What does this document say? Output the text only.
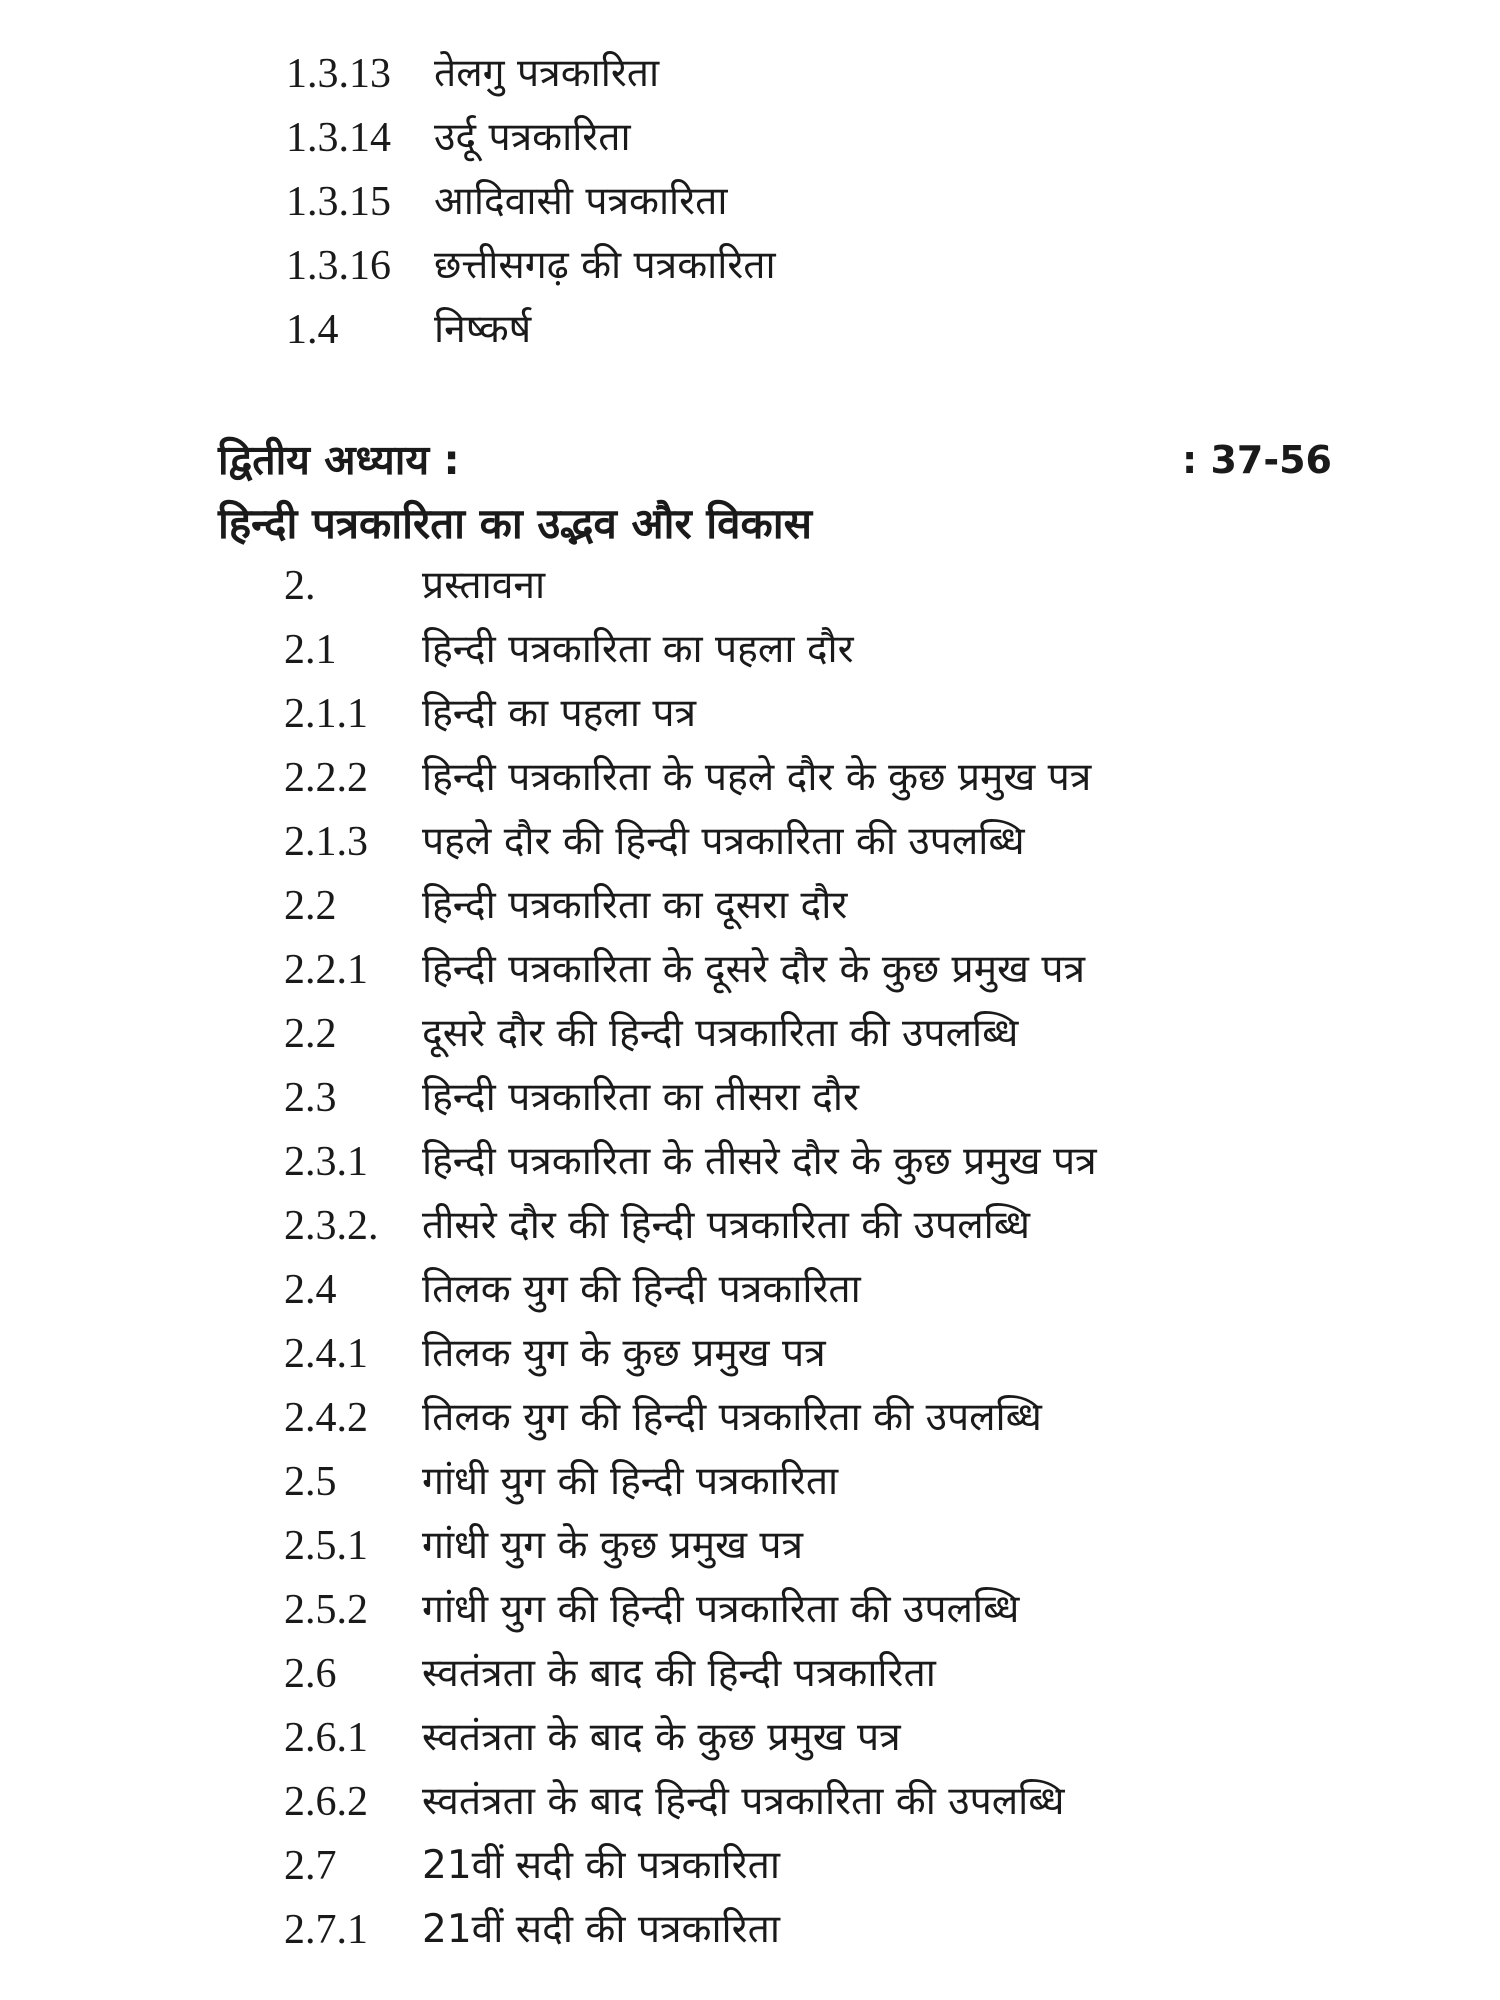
1.3.13 तेलगु पत्रकारिता
1.3.14 उर्दू पत्रकारिता
1.3.15 आदिवासी पत्रकारिता
1.3.16 छत्तीसगढ़ की पत्रकारिता
1.4 निष्कर्ष
द्वितीय अध्याय :	: 37-56
हिन्दी पत्रकारिता का उद्भव और विकास
2.	प्रस्तावना
2.1 हिन्दी पत्रकारिता का पहला दौर
2.1.1 हिन्दी का पहला पत्र
2.2.2 हिन्दी पत्रकारिता के पहले दौर के कुछ प्रमुख पत्र
2.1.3 पहले दौर की हिन्दी पत्रकारिता की उपलब्धि
2.2 हिन्दी पत्रकारिता का दूसरा दौर
2.2.1 हिन्दी पत्रकारिता के दूसरे दौर के कुछ प्रमुख पत्र
2.2 दूसरे दौर की हिन्दी पत्रकारिता की उपलब्धि
2.3 हिन्दी पत्रकारिता का तीसरा दौर
2.3.1 हिन्दी पत्रकारिता के तीसरे दौर के कुछ प्रमुख पत्र
2.3.2. तीसरे दौर की हिन्दी पत्रकारिता की उपलब्धि
2.4 तिलक युग की हिन्दी पत्रकारिता
2.4.1 तिलक युग के कुछ प्रमुख पत्र
2.4.2 तिलक युग की हिन्दी पत्रकारिता की उपलब्धि
2.5 गांधी युग की हिन्दी पत्रकारिता
2.5.1 गांधी युग के कुछ प्रमुख पत्र
2.5.2 गांधी युग की हिन्दी पत्रकारिता की उपलब्धि
2.6 स्वतंत्रता के बाद की हिन्दी पत्रकारिता
2.6.1 स्वतंत्रता के बाद के कुछ प्रमुख पत्र
2.6.2 स्वतंत्रता के बाद हिन्दी पत्रकारिता की उपलब्धि
2.7 21वीं सदी की पत्रकारिता
2.7.1 21वीं सदी की पत्रकारिता
